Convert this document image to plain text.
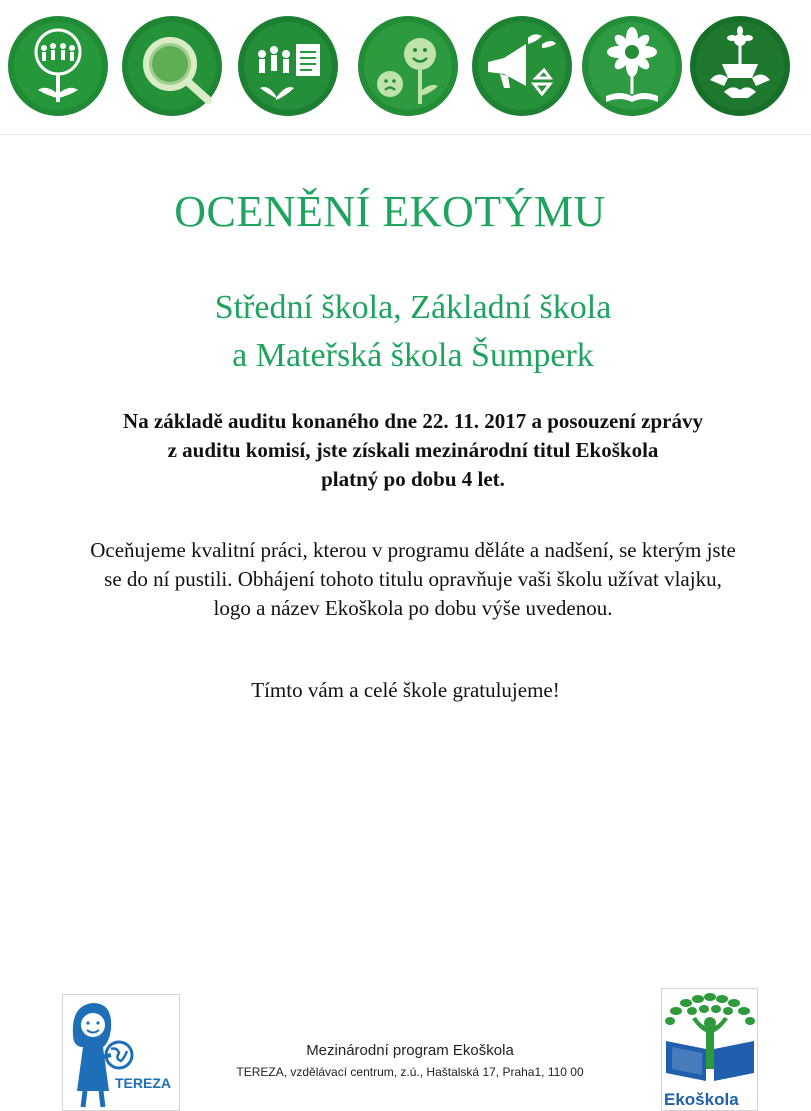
OCENĚNÍ EKOTÝMU
Střední škola, Základní škola
a Mateřská škola Šumperk
Na základě auditu konaného dne 22. 11. 2017 a posouzení zprávy
z auditu komisí, jste získali mezinárodní titul Ekoškola
platný po dobu 4 let.
Oceňujeme kvalitní práci, kterou v programu děláte a nadšení, se kterým jste
se do ní pustili. Obhájení tohoto titulu opravňuje vaši školu užívat vlajku,
logo a název Ekoškola po dobu výše uvedenou.
Tímto vám a celé škole gratulujeme!
TEREZA
Mezinárodní program Ekoškola
TEREZA, vzdělávací centrum, z.ú., Haštalská 17, Praha1, 110 00
Ekoškola
